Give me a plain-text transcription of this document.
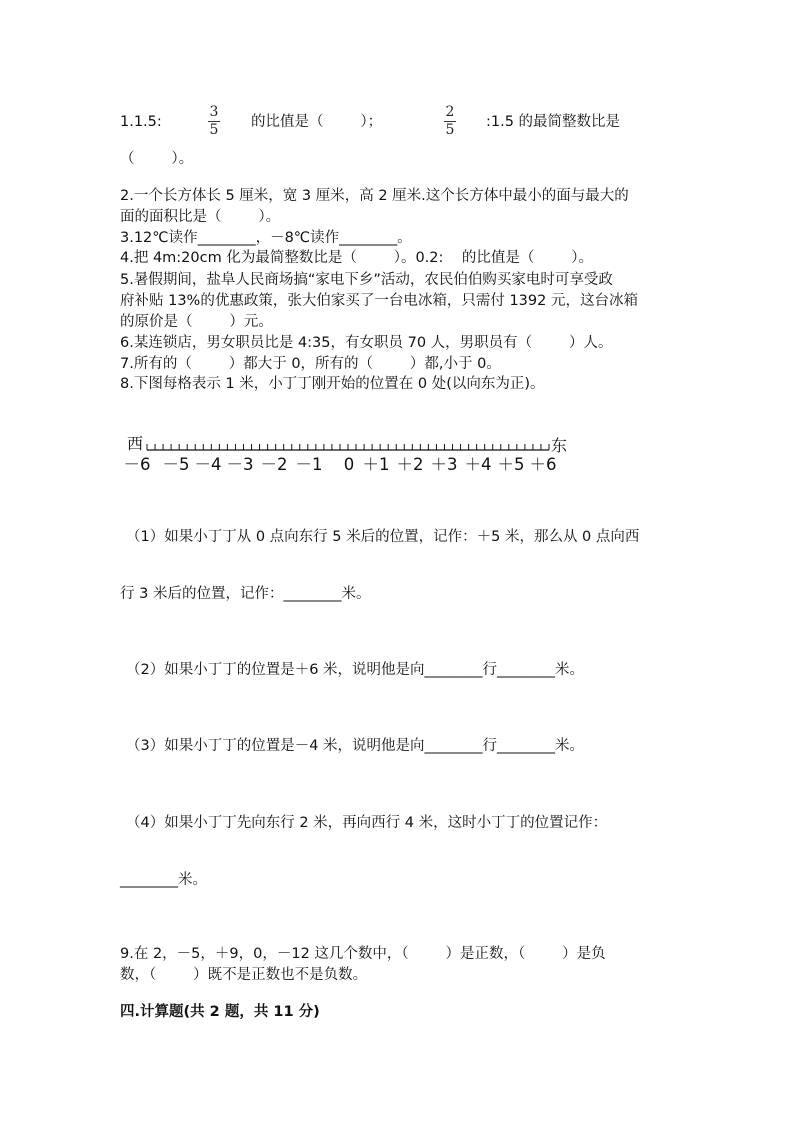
1.1.5:
3
5 的比值是（        ）；
2
5 :1.5 的最简整数比是
（        ）。
2.一个长方体长 5 厘米，宽 3 厘米，高 2 厘米.这个长方体中最小的面与最大的
面的面积比是（        ）。
3.12℃读作________，－8℃读作________。
4.把 4m:20cm 化为最简整数比是（        ）。0.2:    的比值是（        ）。
5.暑假期间，盐阜人民商场搞“家电下乡”活动，农民伯伯购买家电时可享受政
府补贴 13%的优惠政策，张大伯家买了一台电冰箱，只需付 1392 元，这台冰箱
的原价是（        ）元。
6.某连锁店，男女职员比是 4:35，有女职员 70 人，男职员有（        ）人。
7.所有的（        ）都大于 0，所有的（        ）都,小于 0。
8.下图每格表示 1 米，小丁丁刚开始的位置在 0 处(以向东为正)。
西	东
－6 －5 －4 －3 －2 －1	0 ＋1 ＋2 ＋3 ＋4 ＋5 ＋6
（1）如果小丁丁从 0 点向东行 5 米后的位置，记作：＋5 米，那么从 0 点向西
行 3 米后的位置，记作：________米。
（2）如果小丁丁的位置是＋6 米，说明他是向________行________米。
（3）如果小丁丁的位置是－4 米，说明他是向________行________米。
（4）如果小丁丁先向东行 2 米，再向西行 4 米，这时小丁丁的位置记作：
________米。
9.在 2，－5，＋9，0，－12 这几个数中，（        ）是正数，（        ）是负
数，（        ）既不是正数也不是负数。
四.计算题(共 2 题，共 11 分)
